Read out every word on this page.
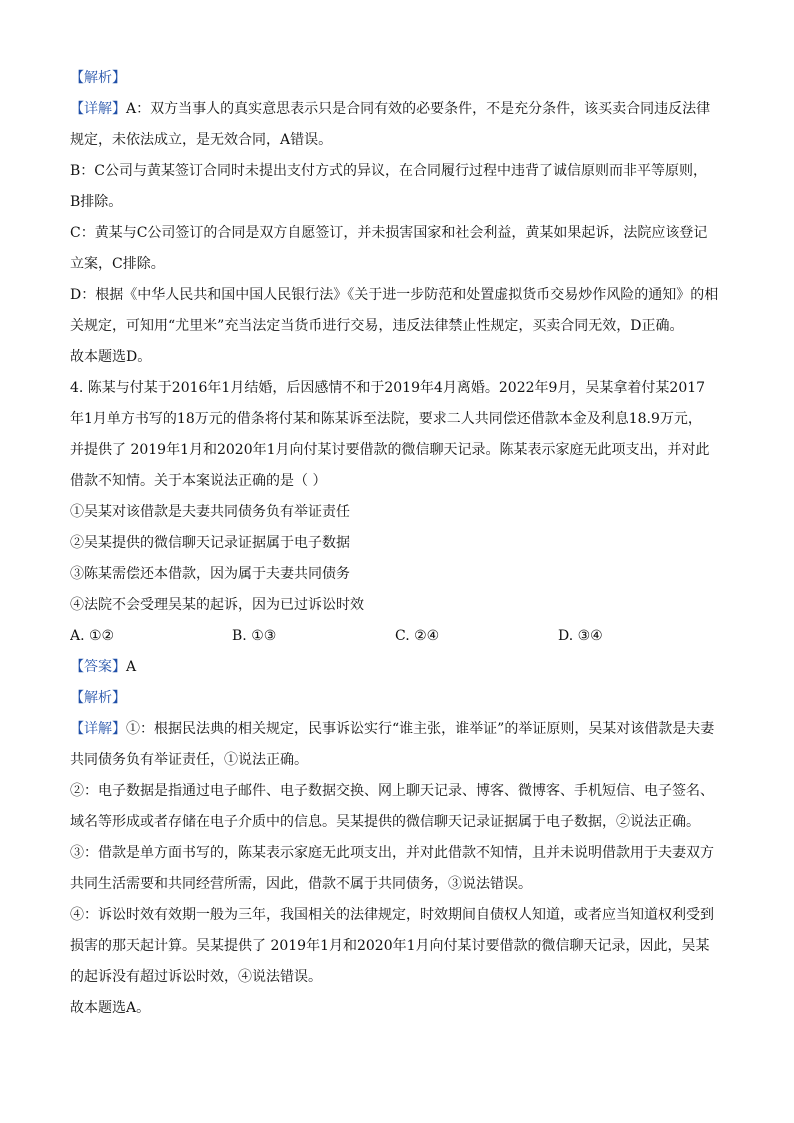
【解析】
【详解】A：双方当事人的真实意思表示只是合同有效的必要条件，不是充分条件，该买卖合同违反法律
规定，未依法成立，是无效合同，A错误。
B：C公司与黄某签订合同时未提出支付方式的异议，在合同履行过程中违背了诚信原则而非平等原则，
B排除。
C：黄某与C公司签订的合同是双方自愿签订，并未损害国家和社会利益，黄某如果起诉，法院应该登记
立案，C排除。
D：根据《中华人民共和国中国人民银行法》《关于进一步防范和处置虚拟货币交易炒作风险的通知》的相
关规定，可知用“尤里米”充当法定当货币进行交易，违反法律禁止性规定，买卖合同无效，D正确。
故本题选D。
4. 陈某与付某于2016年1月结婚，后因感情不和于2019年4月离婚。2022年9月，吴某拿着付某2017
年1月单方书写的18万元的借条将付某和陈某诉至法院，要求二人共同偿还借款本金及利息18.9万元，
并提供了 2019年1月和2020年1月向付某讨要借款的微信聊天记录。陈某表示家庭无此项支出，并对此
借款不知情。关于本案说法正确的是（ ）
①吴某对该借款是夫妻共同债务负有举证责任
②吴某提供的微信聊天记录证据属于电子数据
③陈某需偿还本借款，因为属于夫妻共同债务
④法院不会受理吴某的起诉，因为已过诉讼时效
A. ①②	B. ①③	C. ②④	D. ③④
【答案】A
【解析】
【详解】①：根据民法典的相关规定，民事诉讼实行“谁主张，谁举证”的举证原则，吴某对该借款是夫妻
共同债务负有举证责任，①说法正确。
②：电子数据是指通过电子邮件、电子数据交换、网上聊天记录、博客、微博客、手机短信、电子签名、
域名等形成或者存储在电子介质中的信息。吴某提供的微信聊天记录证据属于电子数据，②说法正确。
③：借款是单方面书写的，陈某表示家庭无此项支出，并对此借款不知情，且并未说明借款用于夫妻双方
共同生活需要和共同经营所需，因此，借款不属于共同债务，③说法错误。
④：诉讼时效有效期一般为三年，我国相关的法律规定，时效期间自债权人知道，或者应当知道权利受到
损害的那天起计算。吴某提供了 2019年1月和2020年1月向付某讨要借款的微信聊天记录，因此，吴某
的起诉没有超过诉讼时效，④说法错误。
故本题选A。
